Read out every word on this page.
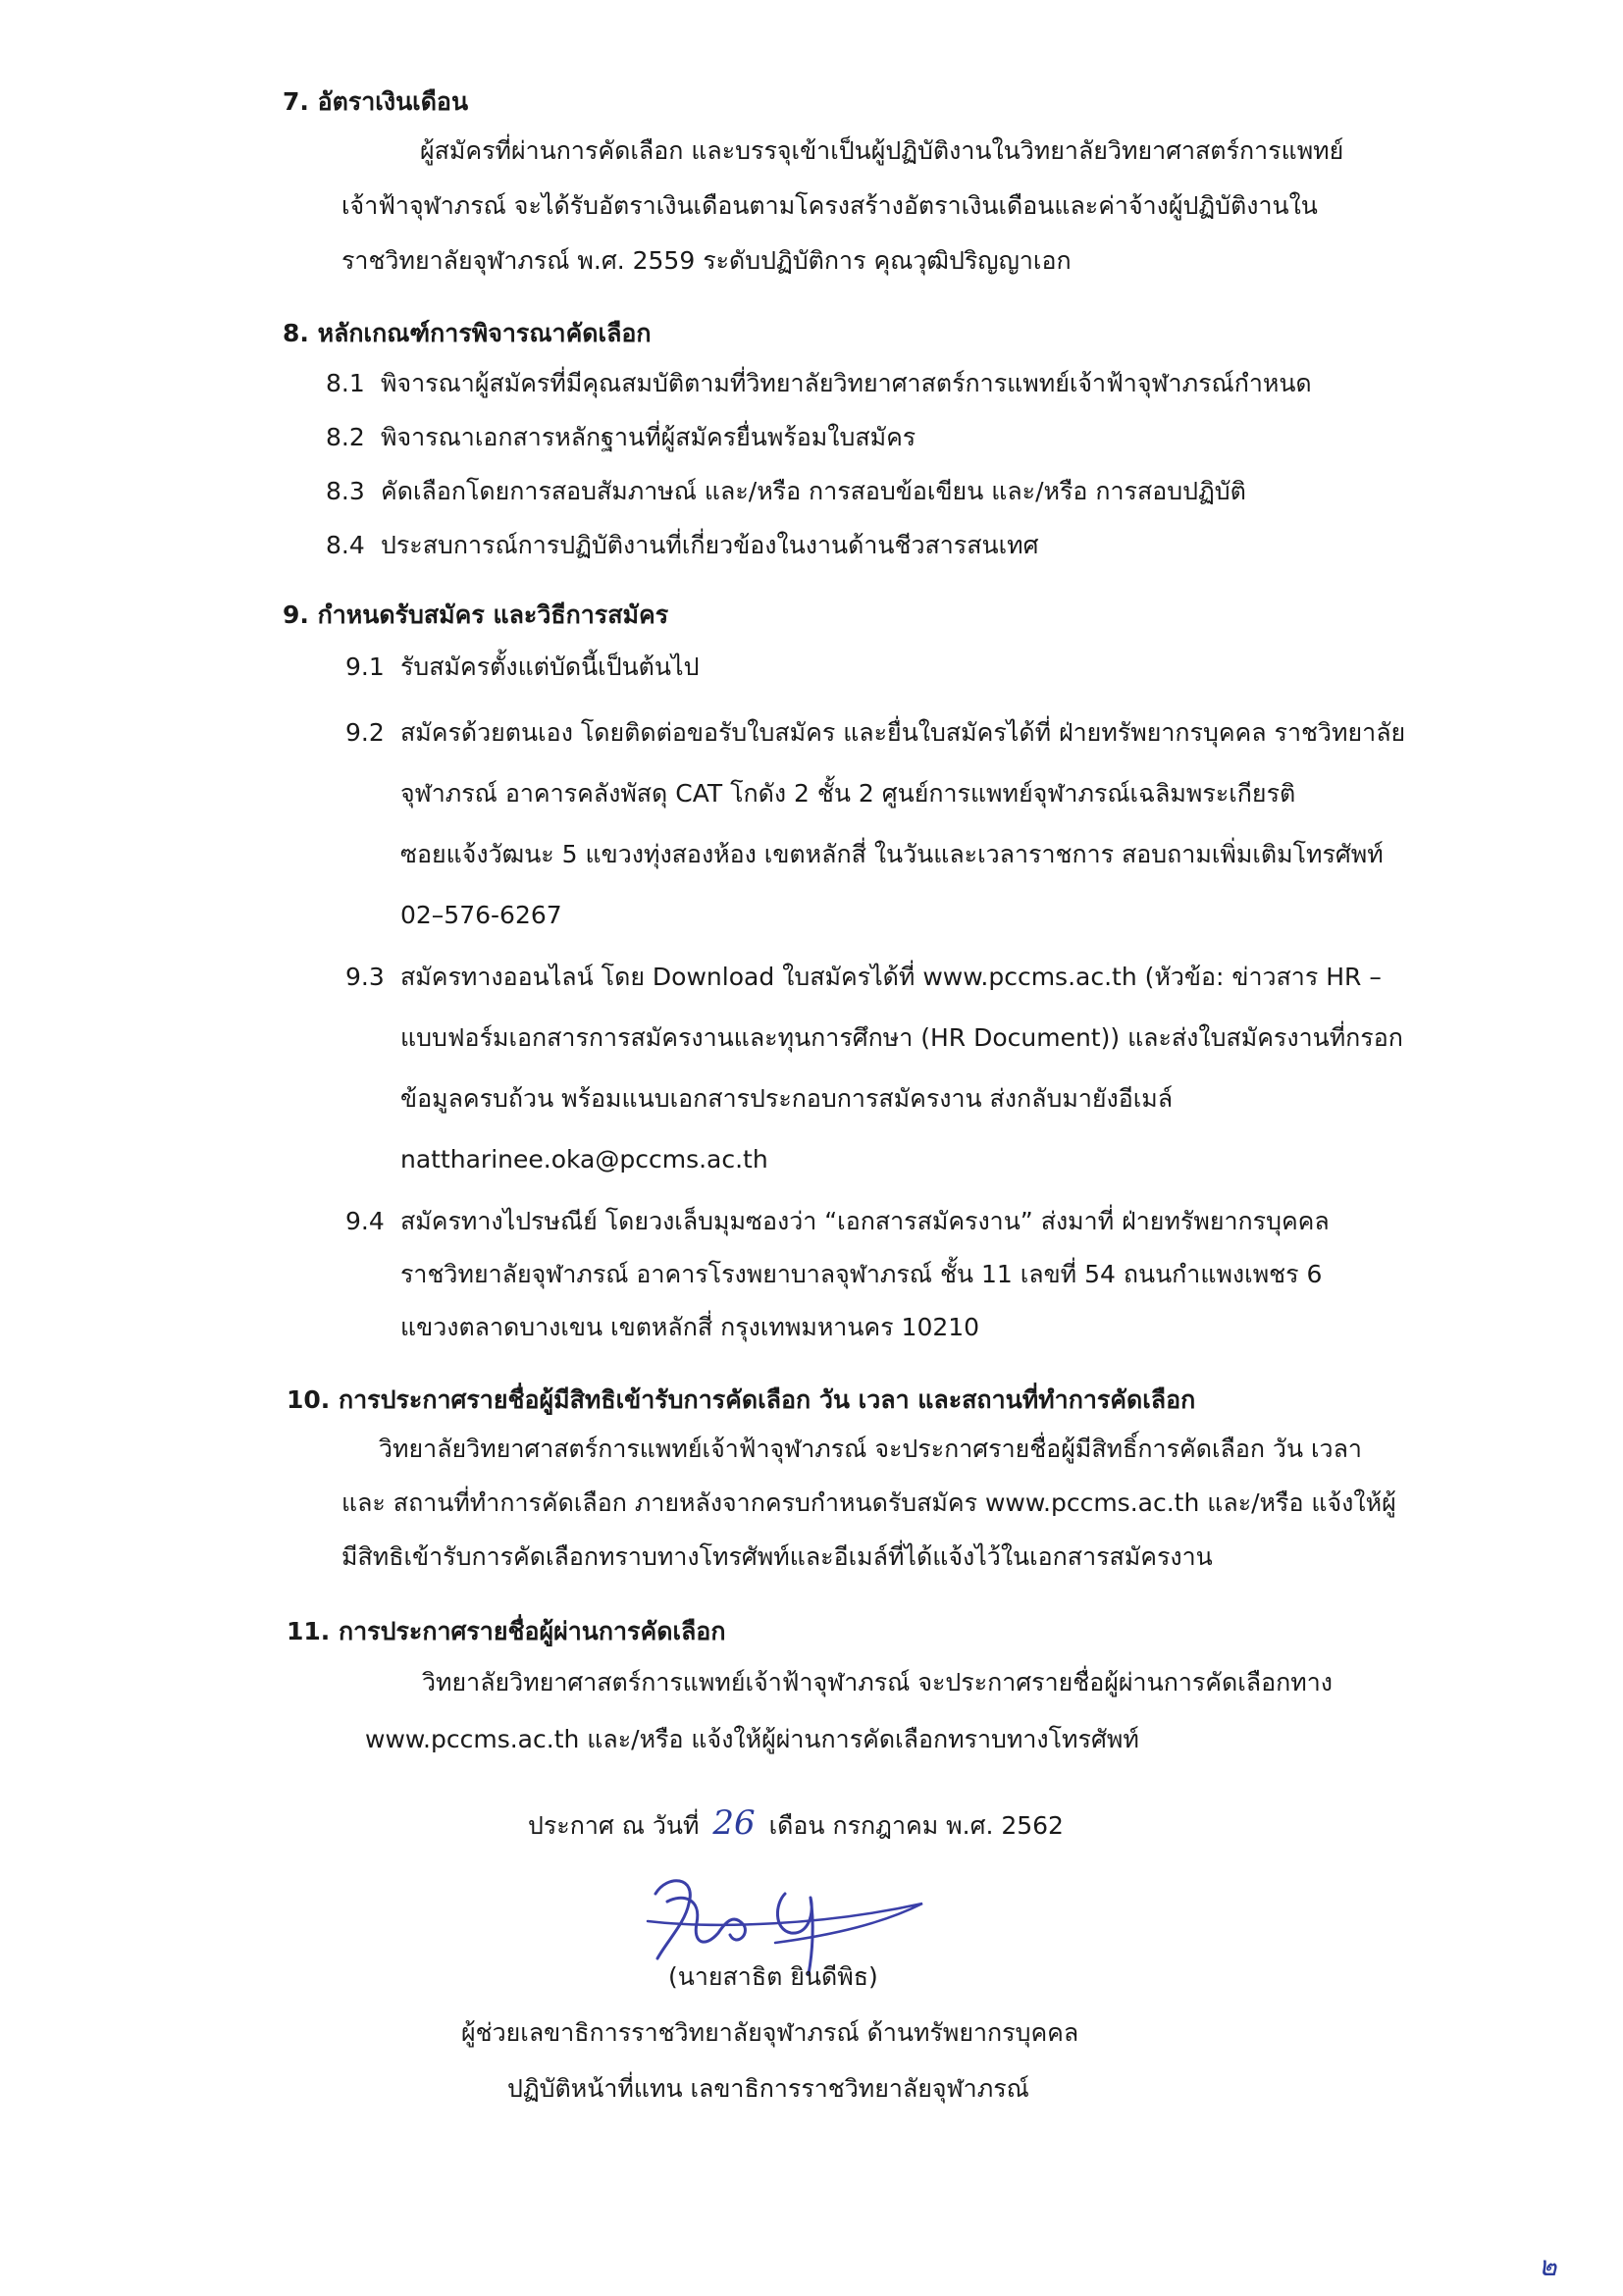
7. อัตราเงินเดือน
ผู้สมัครที่ผ่านการคัดเลือก และบรรจุเข้าเป็นผู้ปฏิบัติงานในวิทยาลัยวิทยาศาสตร์การแพทย์
เจ้าฟ้าจุฬาภรณ์ จะได้รับอัตราเงินเดือนตามโครงสร้างอัตราเงินเดือนและค่าจ้างผู้ปฏิบัติงานใน
ราชวิทยาลัยจุฬาภรณ์ พ.ศ. 2559 ระดับปฏิบัติการ คุณวุฒิปริญญาเอก
8. หลักเกณฑ์การพิจารณาคัดเลือก
8.1 พิจารณาผู้สมัครที่มีคุณสมบัติตามที่วิทยาลัยวิทยาศาสตร์การแพทย์เจ้าฟ้าจุฬาภรณ์กำหนด
8.2 พิจารณาเอกสารหลักฐานที่ผู้สมัครยื่นพร้อมใบสมัคร
8.3 คัดเลือกโดยการสอบสัมภาษณ์ และ/หรือ การสอบข้อเขียน และ/หรือ การสอบปฏิบัติ
8.4 ประสบการณ์การปฏิบัติงานที่เกี่ยวข้องในงานด้านชีวสารสนเทศ
9. กำหนดรับสมัคร และวิธีการสมัคร
9.1 รับสมัครตั้งแต่บัดนี้เป็นต้นไป
9.2 สมัครด้วยตนเอง โดยติดต่อขอรับใบสมัคร และยื่นใบสมัครได้ที่ ฝ่ายทรัพยากรบุคคล ราชวิทยาลัย
จุฬาภรณ์ อาคารคลังพัสดุ CAT โกดัง 2 ชั้น 2 ศูนย์การแพทย์จุฬาภรณ์เฉลิมพระเกียรติ
ซอยแจ้งวัฒนะ 5 แขวงทุ่งสองห้อง เขตหลักสี่ ในวันและเวลาราชการ สอบถามเพิ่มเติมโทรศัพท์
02–576-6267
9.3 สมัครทางออนไลน์ โดย Download ใบสมัครได้ที่ www.pccms.ac.th (หัวข้อ: ข่าวสาร HR –
แบบฟอร์มเอกสารการสมัครงานและทุนการศึกษา (HR Document)) และส่งใบสมัครงานที่กรอก
ข้อมูลครบถ้วน พร้อมแนบเอกสารประกอบการสมัครงาน ส่งกลับมายังอีเมล์
nattharinee.oka@pccms.ac.th
9.4 สมัครทางไปรษณีย์ โดยวงเล็บมุมซองว่า “เอกสารสมัครงาน” ส่งมาที่ ฝ่ายทรัพยากรบุคคล
ราชวิทยาลัยจุฬาภรณ์ อาคารโรงพยาบาลจุฬาภรณ์ ชั้น 11 เลขที่ 54 ถนนกำแพงเพชร 6
แขวงตลาดบางเขน เขตหลักสี่ กรุงเทพมหานคร 10210
10. การประกาศรายชื่อผู้มีสิทธิเข้ารับการคัดเลือก วัน เวลา และสถานที่ทำการคัดเลือก
วิทยาลัยวิทยาศาสตร์การแพทย์เจ้าฟ้าจุฬาภรณ์ จะประกาศรายชื่อผู้มีสิทธิ์การคัดเลือก วัน เวลา
และ สถานที่ทำการคัดเลือก ภายหลังจากครบกำหนดรับสมัคร www.pccms.ac.th และ/หรือ แจ้งให้ผู้
มีสิทธิเข้ารับการคัดเลือกทราบทางโทรศัพท์และอีเมล์ที่ได้แจ้งไว้ในเอกสารสมัครงาน
11. การประกาศรายชื่อผู้ผ่านการคัดเลือก
วิทยาลัยวิทยาศาสตร์การแพทย์เจ้าฟ้าจุฬาภรณ์ จะประกาศรายชื่อผู้ผ่านการคัดเลือกทาง
www.pccms.ac.th และ/หรือ แจ้งให้ผู้ผ่านการคัดเลือกทราบทางโทรศัพท์
ประกาศ ณ วันที่ 26 เดือน กรกฎาคม พ.ศ. 2562
(นายสาธิต ยินดีพิธ)
ผู้ช่วยเลขาธิการราชวิทยาลัยจุฬาภรณ์ ด้านทรัพยากรบุคคล
ปฏิบัติหน้าที่แทน เลขาธิการราชวิทยาลัยจุฬาภรณ์
๒
